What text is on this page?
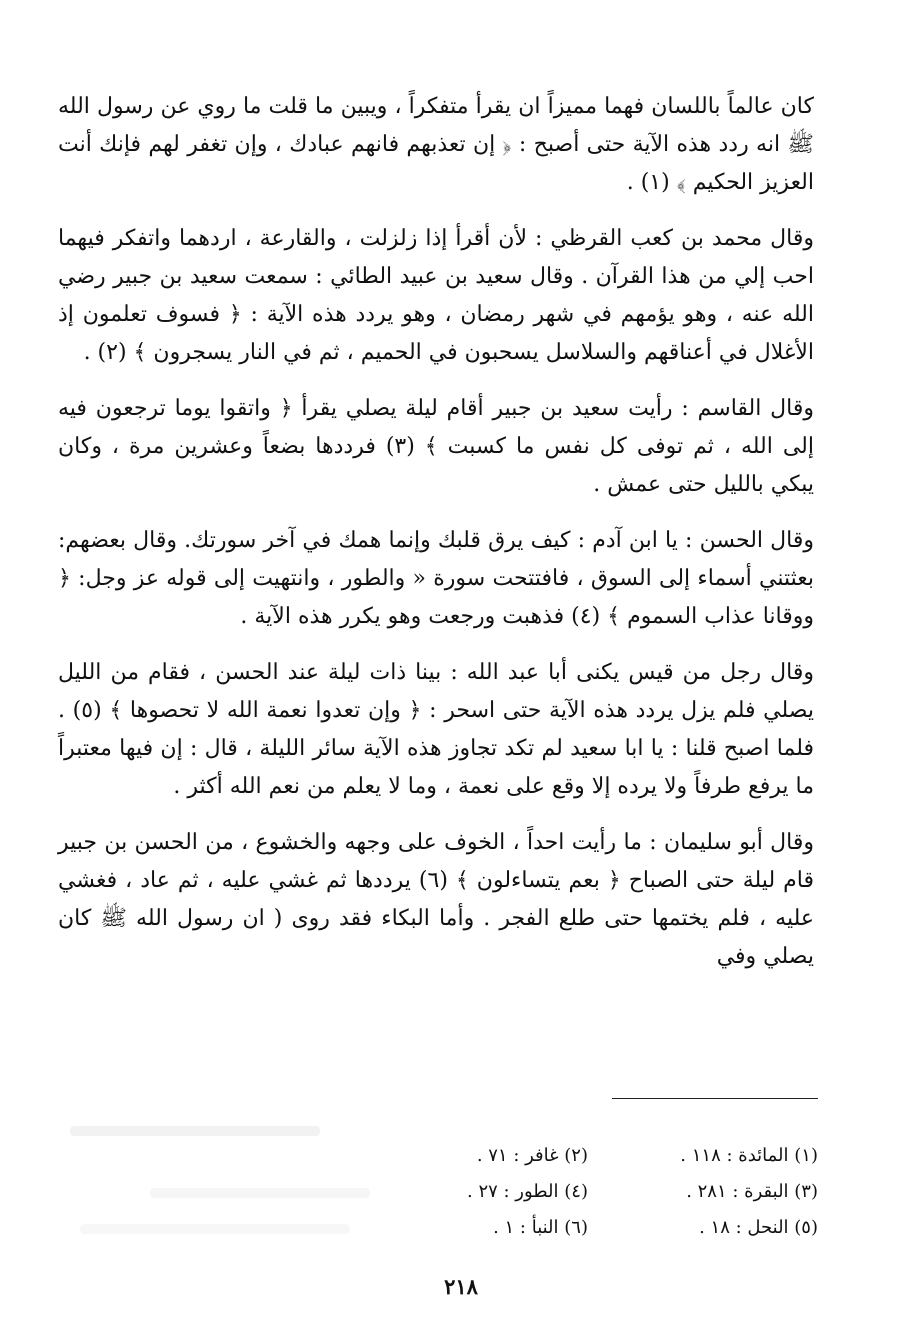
كان عالماً باللسان فهما مميزاً ان يقرأ متفكراً ، ويبين ما قلت ما روي عن رسول الله ﷺ انه ردد هذه الآية حتى أصبح : ﴿ إن تعذبهم فانهم عبادك ، وإن تغفر لهم فإنك أنت العزيز الحكيم ﴾ (١) .

وقال محمد بن كعب القرظي : لأن أقرأ إذا زلزلت ، والقارعة ، اردهما واتفكر فيهما احب إلي من هذا القرآن . وقال سعيد بن عبيد الطائي : سمعت سعيد بن جبير رضي الله عنه ، وهو يؤمهم في شهر رمضان ، وهو يردد هذه الآية : ﴿ فسوف تعلمون إذ الأغلال في أعناقهم والسلاسل يسحبون في الحميم ، ثم في النار يسجرون ﴾ (٢) .

وقال القاسم : رأيت سعيد بن جبير أقام ليلة يصلي يقرأ ﴿ واتقوا يوما ترجعون فيه إلى الله ، ثم توفى كل نفس ما كسبت ﴾ (٣) فرددها بضعاً وعشرين مرة ، وكان يبكي بالليل حتى عمش .

وقال الحسن : يا ابن آدم : كيف يرق قلبك وإنما همك في آخر سورتك. وقال بعضهم: بعثتني أسماء إلى السوق ، فافتتحت سورة « والطور ، وانتهيت إلى قوله عز وجل: ﴿ ووقانا عذاب السموم ﴾ (٤) فذهبت ورجعت وهو يكرر هذه الآية .

وقال رجل من قيس يكنى أبا عبد الله : بينا ذات ليلة عند الحسن ، فقام من الليل يصلي فلم يزل يردد هذه الآية حتى اسحر : ﴿ وإن تعدوا نعمة الله لا تحصوها ﴾ (٥) . فلما اصبح قلنا : يا ابا سعيد لم تكد تجاوز هذه الآية سائر الليلة ، قال : إن فيها معتبراً ما يرفع طرفاً ولا يرده إلا وقع على نعمة ، وما لا يعلم من نعم الله أكثر .

وقال أبو سليمان : ما رأيت احداً ، الخوف على وجهه والخشوع ، من الحسن بن جبير قام ليلة حتى الصباح ﴿ بعم يتساءلون ﴾ (٦) يرددها ثم غشي عليه ، ثم عاد ، فغشي عليه ، فلم يختمها حتى طلع الفجر . وأما البكاء فقد روى ( ان رسول الله ﷺ كان يصلي وفي

(١) المائدة : ١١٨ .
(٢) غافر : ٧١ .
(٣) البقرة : ٢٨١ .
(٤) الطور : ٢٧ .
(٥) النحل : ١٨ .
(٦) النبأ : ١ .
٢١٨
